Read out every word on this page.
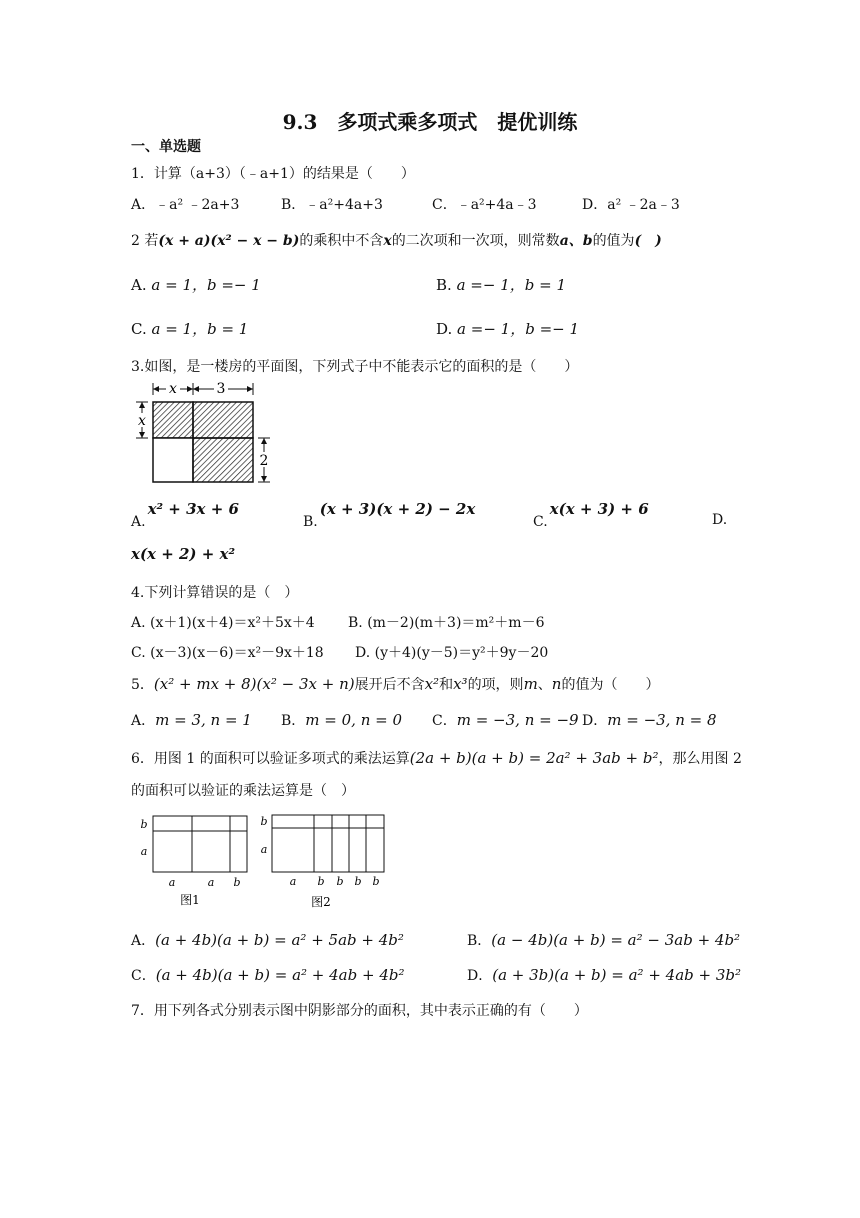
9.3　多项式乘多项式　提优训练
一、单选题
1．计算（a+3）（﹣a+1）的结果是（　　）
A．﹣a² ﹣2a+3	B．﹣a²+4a+3	C．﹣a²+4a﹣3	D．a² ﹣2a﹣3
2 若(x + a)(x² − x − b)的乘积中不含x的二次项和一次项，则常数a、b的值为(　)
A. a = 1，b =− 1	B. a =− 1，b = 1
C. a = 1，b = 1	D. a =− 1，b =− 1
3.如图，是一楼房的平面图，下列式子中不能表示它的面积的是（　　）
x	3
x
2
A.x² + 3x + 6
B.(x + 3)(x + 2) − 2x
C.x(x + 3) + 6
D.
x(x + 2) + x²
4.下列计算错误的是（　）
A. (x＋1)(x＋4)＝x²＋5x＋4 B. (m－2)(m＋3)＝m²＋m－6
C. (x－3)(x－6)＝x²－9x＋18 D. (y＋4)(y－5)＝y²＋9y－20
5．(x² + mx + 8)(x² − 3x + n)展开后不含x²和x³的项，则m、n的值为（　　）
A．m = 3, n = 1 B．m = 0, n = 0 C．m = −3, n = −9 D．m = −3, n = 8
6．用图 1 的面积可以验证多项式的乘法运算(2a + b)(a + b) = 2a² + 3ab + b²，那么用图 2
的面积可以验证的乘法运算是（　）
b
a
a	a b
图1
b
a
a b b b b
图2
A．(a + 4b)(a + b) = a² + 5ab + 4b²	B．(a − 4b)(a + b) = a² − 3ab + 4b²
C．(a + 4b)(a + b) = a² + 4ab + 4b²	D．(a + 3b)(a + b) = a² + 4ab + 3b²
7．用下列各式分别表示图中阴影部分的面积，其中表示正确的有（　　）
